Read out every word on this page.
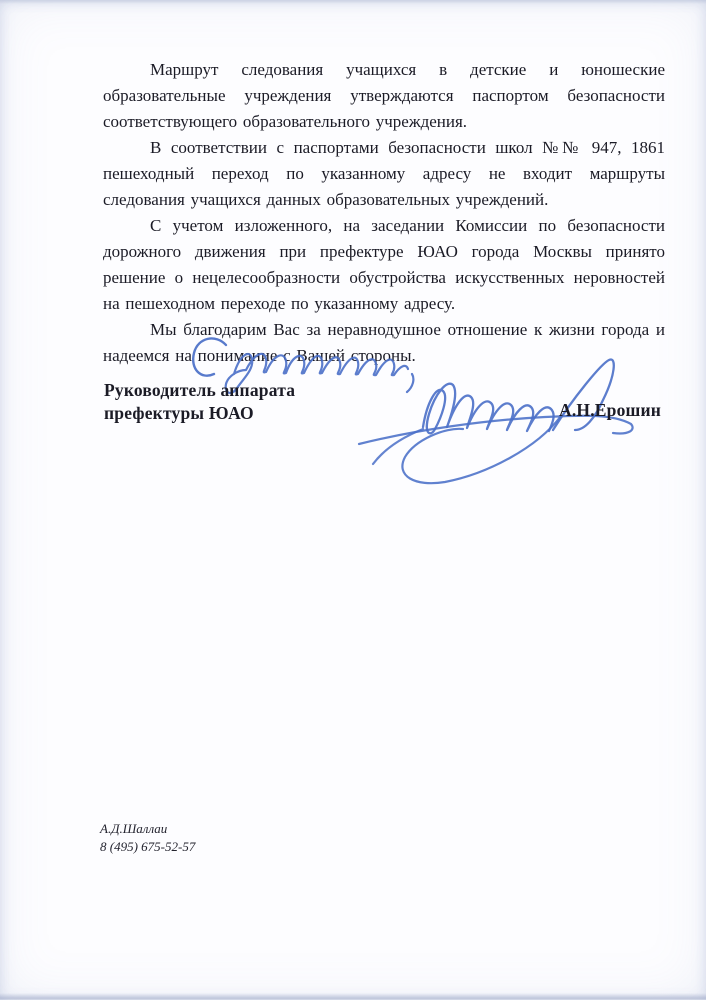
Маршрут следования учащихся в детские и юношеские образовательные учреждения утверждаются паспортом безопасности соответствующего образовательного учреждения.

В соответствии с паспортами безопасности школ №№ 947, 1861 пешеходный переход по указанному адресу не входит маршруты следования учащихся данных образовательных учреждений.

С учетом изложенного, на заседании Комиссии по безопасности дорожного движения при префектуре ЮАО города Москвы принято решение о нецелесообразности обустройства искусственных неровностей на пешеходном переходе по указанному адресу.

Мы благодарим Вас за неравнодушное отношение к жизни города и надеемся на понимание с Вашей стороны.

Руководитель аппарата
префектуры ЮАО	А.Н.Ерошин
А.Д.Шаллаи
8 (495) 675-52-57
